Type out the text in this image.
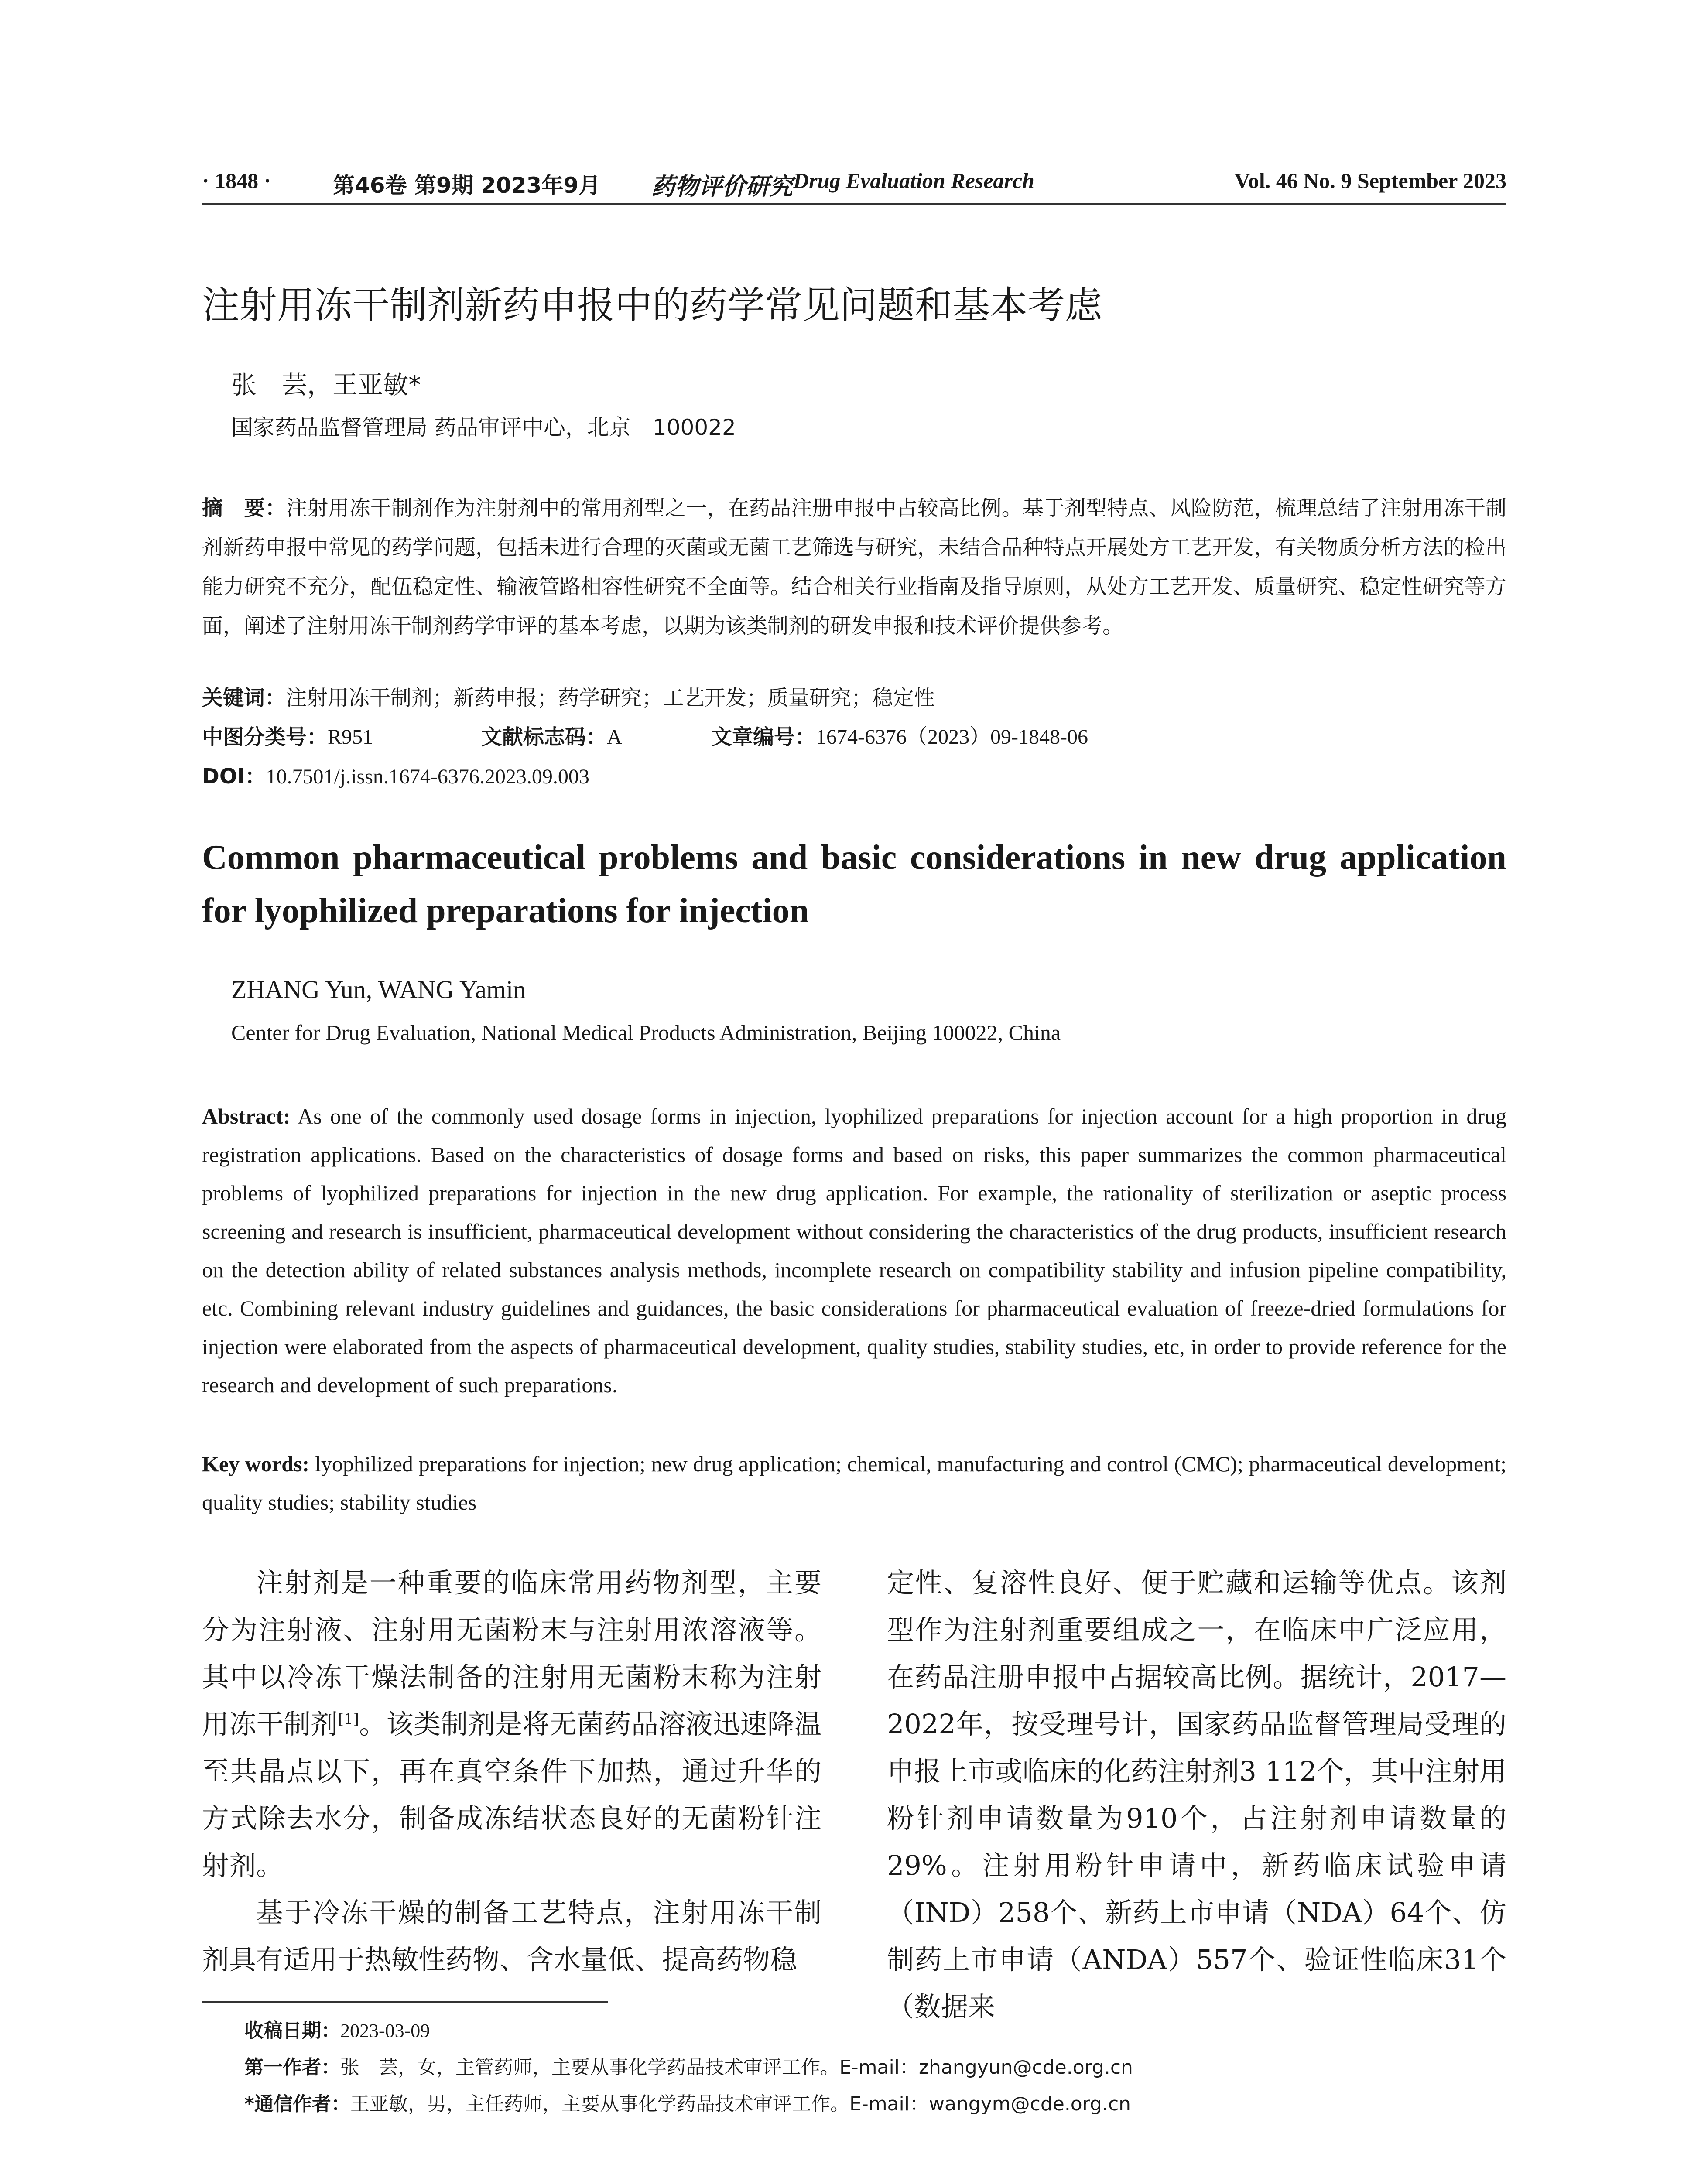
· 1848 ·	第46卷 第9期 2023年9月 药物评价研究 Drug Evaluation Research	Vol. 46 No. 9 September 2023
注射用冻干制剂新药申报中的药学常见问题和基本考虑
张　芸，王亚敏*
国家药品监督管理局 药品审评中心，北京　100022
摘　要：注射用冻干制剂作为注射剂中的常用剂型之一，在药品注册申报中占较高比例。基于剂型特点、风险防范，梳理总结了注射用冻干制剂新药申报中常见的药学问题，包括未进行合理的灭菌或无菌工艺筛选与研究，未结合品种特点开展处方工艺开发，有关物质分析方法的检出能力研究不充分，配伍稳定性、输液管路相容性研究不全面等。结合相关行业指南及指导原则，从处方工艺开发、质量研究、稳定性研究等方面，阐述了注射用冻干制剂药学审评的基本考虑，以期为该类制剂的研发申报和技术评价提供参考。
关键词：注射用冻干制剂；新药申报；药学研究；工艺开发；质量研究；稳定性
中图分类号： R951	文献标志码： A	文章编号： 1674-6376（2023）09-1848-06
DOI：10.7501/j.issn.1674-6376.2023.09.003
Common pharmaceutical problems and basic considerations in new drug application for lyophilized preparations for injection
ZHANG Yun, WANG Yamin
Center for Drug Evaluation, National Medical Products Administration, Beijing 100022, China
Abstract: As one of the commonly used dosage forms in injection, lyophilized preparations for injection account for a high proportion in drug registration applications. Based on the characteristics of dosage forms and based on risks, this paper summarizes the common pharmaceutical problems of lyophilized preparations for injection in the new drug application. For example, the rationality of sterilization or aseptic process screening and research is insufficient, pharmaceutical development without considering the characteristics of the drug products, insufficient research on the detection ability of related substances analysis methods, incomplete research on compatibility stability and infusion pipeline compatibility, etc. Combining relevant industry guidelines and guidances, the basic considerations for pharmaceutical evaluation of freeze-dried formulations for injection were elaborated from the aspects of pharmaceutical development, quality studies, stability studies, etc, in order to provide reference for the research and development of such preparations.
Key words: lyophilized preparations for injection; new drug application; chemical, manufacturing and control (CMC); pharmaceutical development; quality studies; stability studies

注射剂是一种重要的临床常用药物剂型，主要分为注射液、注射用无菌粉末与注射用浓溶液等。其中以冷冻干燥法制备的注射用无菌粉末称为注射用冻干制剂[1]。该类制剂是将无菌药品溶液迅速降温至共晶点以下，再在真空条件下加热，通过升华的方式除去水分，制备成冻结状态良好的无菌粉针注射剂。

基于冷冻干燥的制备工艺特点，注射用冻干制剂具有适用于热敏性药物、含水量低、提高药物稳

定性、复溶性良好、便于贮藏和运输等优点。该剂型作为注射剂重要组成之一，在临床中广泛应用，在药品注册申报中占据较高比例。据统计，2017—2022年，按受理号计，国家药品监督管理局受理的申报上市或临床的化药注射剂3 112个，其中注射用粉针剂申请数量为910个，占注射剂申请数量的29%。注射用粉针申请中，新药临床试验申请（IND）258个、新药上市申请（NDA）64个、仿制药上市申请（ANDA）557个、验证性临床31个（数据来

收稿日期：2023-03-09
第一作者：张　芸，女，主管药师，主要从事化学药品技术审评工作。E-mail：zhangyun@cde.org.cn
*通信作者：王亚敏，男，主任药师，主要从事化学药品技术审评工作。E-mail：wangym@cde.org.cn
